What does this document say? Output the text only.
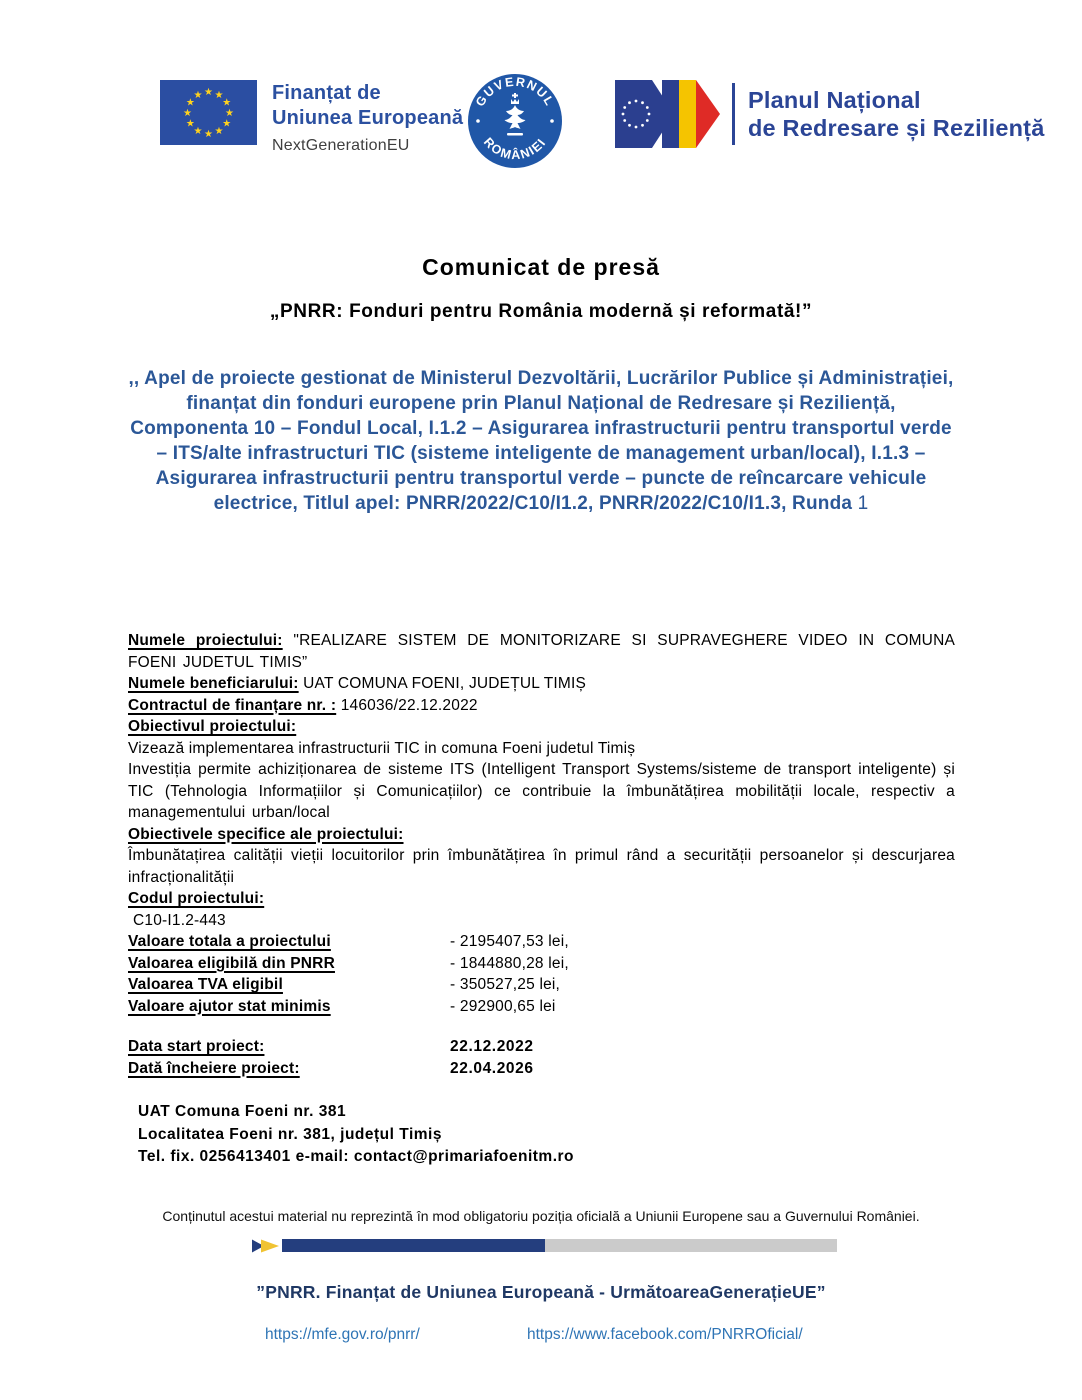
★ ★
★
★
★
★
★
★
★
★
★
★	Finanțat de
Uniunea Europeană
NextGenerationEU
GUVERNUL
ROMÂNIEI
Planul Național
de Redresare și Reziliență
Comunicat de presă
„PNRR: Fonduri pentru România modernă și reformată!”
,, Apel de proiecte gestionat de Ministerul Dezvoltării, Lucrărilor Publice și Administrației, finanțat din fonduri europene prin Planul Național de Redresare și Reziliență, Componenta 10 – Fondul Local, I.1.2 – Asigurarea infrastructurii pentru transportul verde – ITS/alte infrastructuri TIC (sisteme inteligente de management urban/local), I.1.3 – Asigurarea infrastructurii pentru transportul verde – puncte de reîncarcare vehicule electrice, Titlul apel: PNRR/2022/C10/I1.2, PNRR/2022/C10/I1.3, Runda 1

Numele proiectului: "REALIZARE SISTEM DE MONITORIZARE SI SUPRAVEGHERE VIDEO IN COMUNA FOENI JUDETUL TIMIS”

Numele beneficiarului: UAT COMUNA FOENI, JUDEȚUL TIMIȘ

Contractul de finanțare nr. : 146036/22.12.2022

Obiectivul proiectului:

Vizează implementarea infrastructurii TIC in comuna Foeni judetul Timiș

Investiția permite achiziționarea de sisteme ITS (Intelligent Transport Systems/sisteme de transport inteligente) și TIC (Tehnologia Informațiilor și Comunicațiilor) ce contribuie la îmbunătățirea mobilității locale, respectiv a managementului urban/local

Obiectivele specifice ale proiectului:

Îmbunătațirea calității vieții locuitorilor prin îmbunătățirea în primul rând a securității persoanelor și descurjarea infracționalității

Codul proiectului:

C10-I1.2-443

Valoare totala a proiectului	- 2195407,53 lei,
Valoarea eligibilă din PNRR	- 1844880,28 lei,
Valoarea TVA eligibil	- 350527,25 lei,
Valoare ajutor stat minimis	- 292900,65 lei
Data start proiect:	22.12.2022
Dată încheiere proiect:	22.04.2026
UAT Comuna Foeni nr. 381
Localitatea Foeni nr. 381, județul Timiș
Tel. fix. 0256413401 e-mail: contact@primariafoenitm.ro
Conținutul acestui material nu reprezintă în mod obligatoriu poziția oficială a Uniunii Europene sau a Guvernului României.
”PNRR. Finanțat de Uniunea Europeană - UrmătoareaGenerațieUE”
https://mfe.gov.ro/pnrr/	https://www.facebook.com/PNRROficial/
